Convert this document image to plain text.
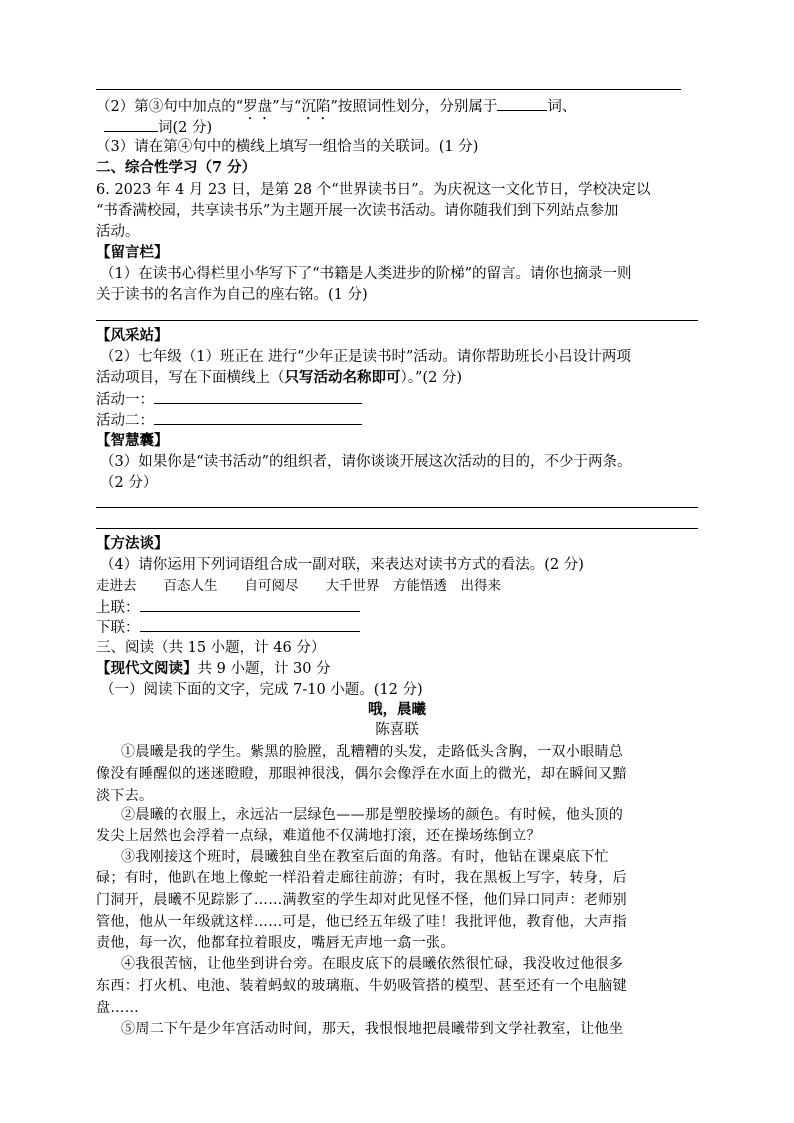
（2）第③句中加点的“罗盘”与“沉陷”按照词性划分，分别属于	词、
词(2 分)
（3）请在第④句中的横线上填写一组恰当的关联词。(1 分)
二、综合性学习（7 分）
6. 2023 年 4 月 23 日，是第 28 个“世界读书日”。为庆祝这一文化节日，学校决定以
“书香满校园，共享读书乐”为主题开展一次读书活动。请你随我们到下列站点参加
活动。
【留言栏】
（1）在读书心得栏里小华写下了“书籍是人类进步的阶梯”的留言。请你也摘录一则
关于读书的名言作为自己的座右铭。(1 分)
【风采站】
（2）七年级（1）班正在 进行“少年正是读书时”活动。请你帮助班长小吕设计两项
活动项目，写在下面横线上（只写活动名称即可）。”(2 分)
活动一：
活动二：
【智慧囊】
（3）如果你是“读书活动”的组织者，请你谈谈开展这次活动的目的，不少于两条。
（2 分）
【方法谈】
（4）请你运用下列词语组合成一副对联，来表达对读书方式的看法。(2 分)
走进去　　百态人生　　自可阅尽　　大千世界　方能悟透　出得来
上联：
下联：
三、阅读（共 15 小题，计 46 分）
【现代文阅读】共 9 小题，计 30 分
（一）阅读下面的文字，完成 7-10 小题。(12 分)
哦，晨曦
陈喜联
①晨曦是我的学生。紫黑的脸膛，乱糟糟的头发，走路低头含胸，一双小眼睛总
像没有睡醒似的迷迷瞪瞪，那眼神很浅，偶尔会像浮在水面上的微光，却在瞬间又黯
淡下去。
②晨曦的衣服上，永远沾一层绿色——那是塑胶操场的颜色。有时候，他头顶的
发尖上居然也会浮着一点绿，难道他不仅满地打滚，还在操场练倒立？
③我刚接这个班时，晨曦独自坐在教室后面的角落。有时，他钻在课桌底下忙
碌；有时，他趴在地上像蛇一样沿着走廊往前游；有时，我在黑板上写字，转身，后
门洞开，晨曦不见踪影了……满教室的学生却对此见怪不怪，他们异口同声：老师别
管他，他从一年级就这样……可是，他已经五年级了哇！我批评他，教育他，大声指
责他，每一次，他都耷拉着眼皮，嘴唇无声地一翕一张。
④我很苦恼，让他坐到讲台旁。在眼皮底下的晨曦依然很忙碌，我没收过他很多
东西：打火机、电池、装着蚂蚁的玻璃瓶、牛奶吸管搭的模型、甚至还有一个电脑键
盘……
⑤周二下午是少年宫活动时间，那天，我恨恨地把晨曦带到文学社教室，让他坐
